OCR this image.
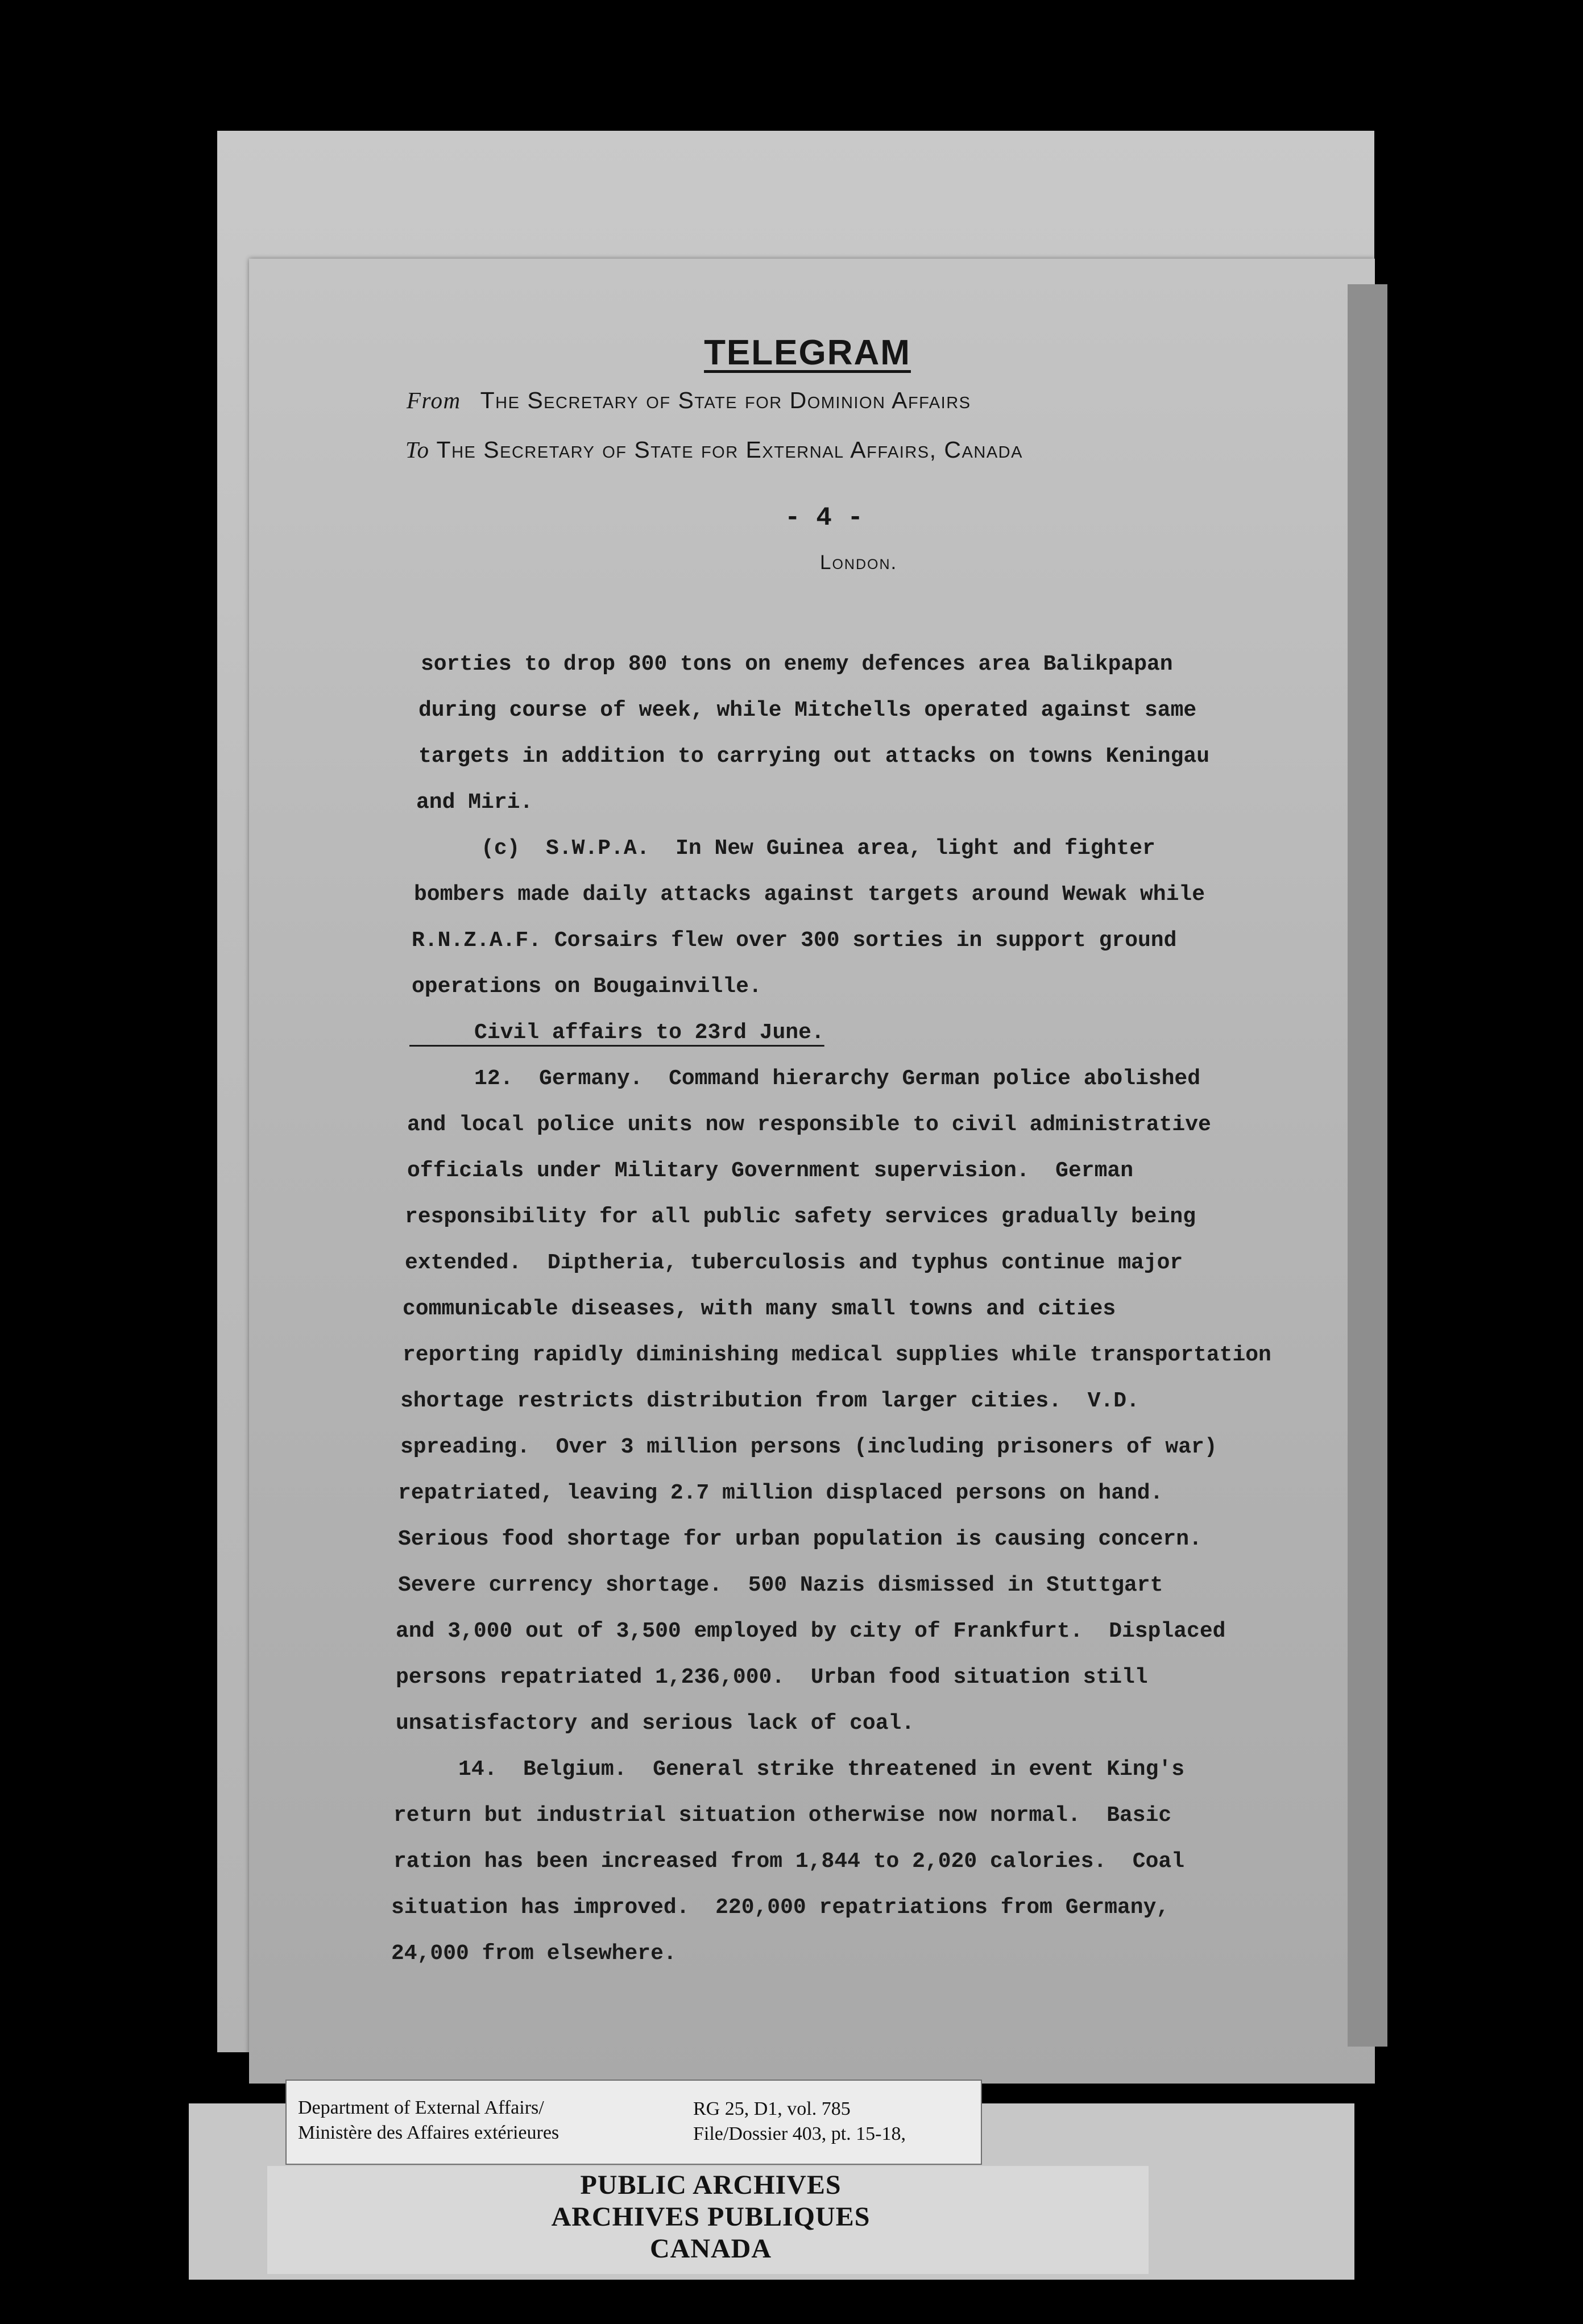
TELEGRAM
From The Secretary of State for Dominion Affairs
To The Secretary of State for External Affairs, Canada
- 4 -
London.
sorties to drop 800 tons on enemy defences area Balikpapan
during course of week, while Mitchells operated against same
targets in addition to carrying out attacks on towns Keningau
and Miri.
(c)  S.W.P.A.  In New Guinea area, light and fighter
bombers made daily attacks against targets around Wewak while
R.N.Z.A.F. Corsairs flew over 300 sorties in support ground
operations on Bougainville.
Civil affairs to 23rd June.
12.  Germany.  Command hierarchy German police abolished
and local police units now responsible to civil administrative
officials under Military Government supervision.  German
responsibility for all public safety services gradually being
extended.  Diptheria, tuberculosis and typhus continue major
communicable diseases, with many small towns and cities
reporting rapidly diminishing medical supplies while transportation
shortage restricts distribution from larger cities.  V.D.
spreading.  Over 3 million persons (including prisoners of war)
repatriated, leaving 2.7 million displaced persons on hand.
Serious food shortage for urban population is causing concern.
Severe currency shortage.  500 Nazis dismissed in Stuttgart
and 3,000 out of 3,500 employed by city of Frankfurt.  Displaced
persons repatriated 1,236,000.  Urban food situation still
unsatisfactory and serious lack of coal.
14.  Belgium.  General strike threatened in event King's
return but industrial situation otherwise now normal.  Basic
ration has been increased from 1,844 to 2,020 calories.  Coal
situation has improved.  220,000 repatriations from Germany,
24,000 from elsewhere.
Department of External Affairs/
Ministère des Affaires extérieures
RG 25, D1, vol. 785
File/Dossier 403, pt. 15-18,
PUBLIC ARCHIVES
ARCHIVES PUBLIQUES
CANADA
